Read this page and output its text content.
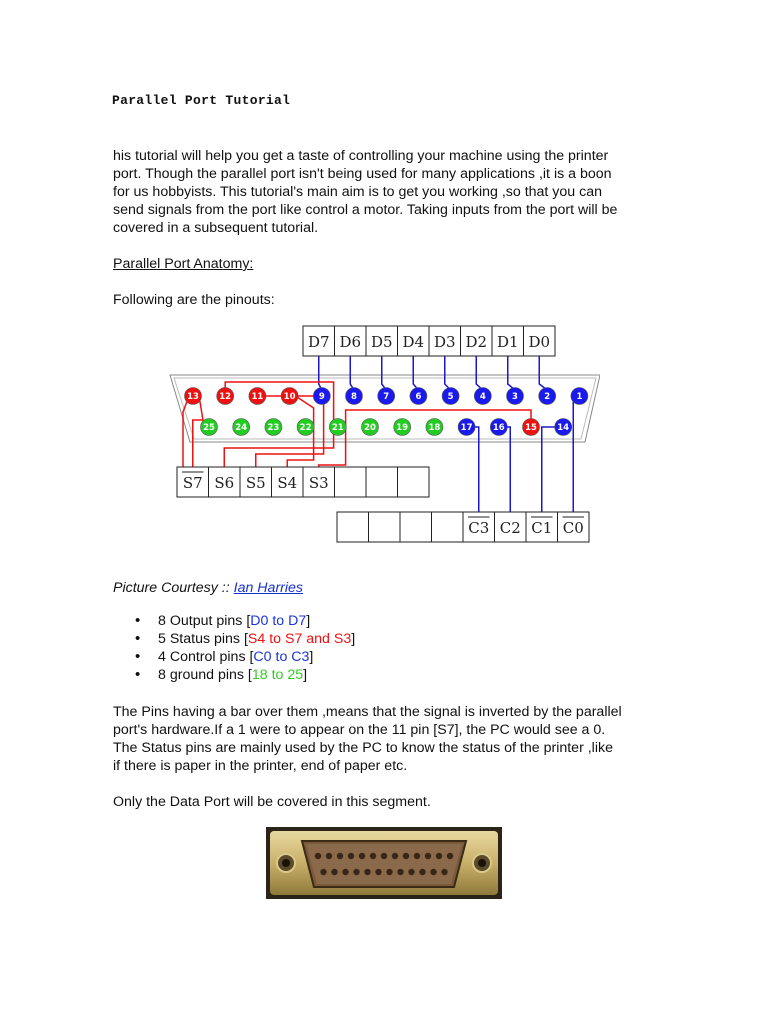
Parallel Port Tutorial
his tutorial will help you get a taste of controlling your machine using the printer
port. Though the parallel port isn't being used for many applications ,it is a boon
for us hobbyists. This tutorial's main aim is to get you working ,so that you can
send signals from the port like control a motor. Taking inputs from the port will be
covered in a subsequent tutorial.
Parallel Port Anatomy:
Following are the pinouts:
D7 D6 D5 D4 D3 D2 D1 D0
13 12 11 10	9	8	7	6	5	4	3	2	1
25 24 23 22 21 20 19 18 17 16 15 14
S7 S6 S5 S4 S3
C3 C2 C1 C0
Picture Courtesy :: Ian Harries
• 8 Output pins [D0 to D7]
• 5 Status pins [S4 to S7 and S3]
• 4 Control pins [C0 to C3]
• 8 ground pins [18 to 25]
The Pins having a bar over them ,means that the signal is inverted by the parallel
port's hardware.If a 1 were to appear on the 11 pin [S7], the PC would see a 0.
The Status pins are mainly used by the PC to know the status of the printer ,like
if there is paper in the printer, end of paper etc.
Only the Data Port will be covered in this segment.
